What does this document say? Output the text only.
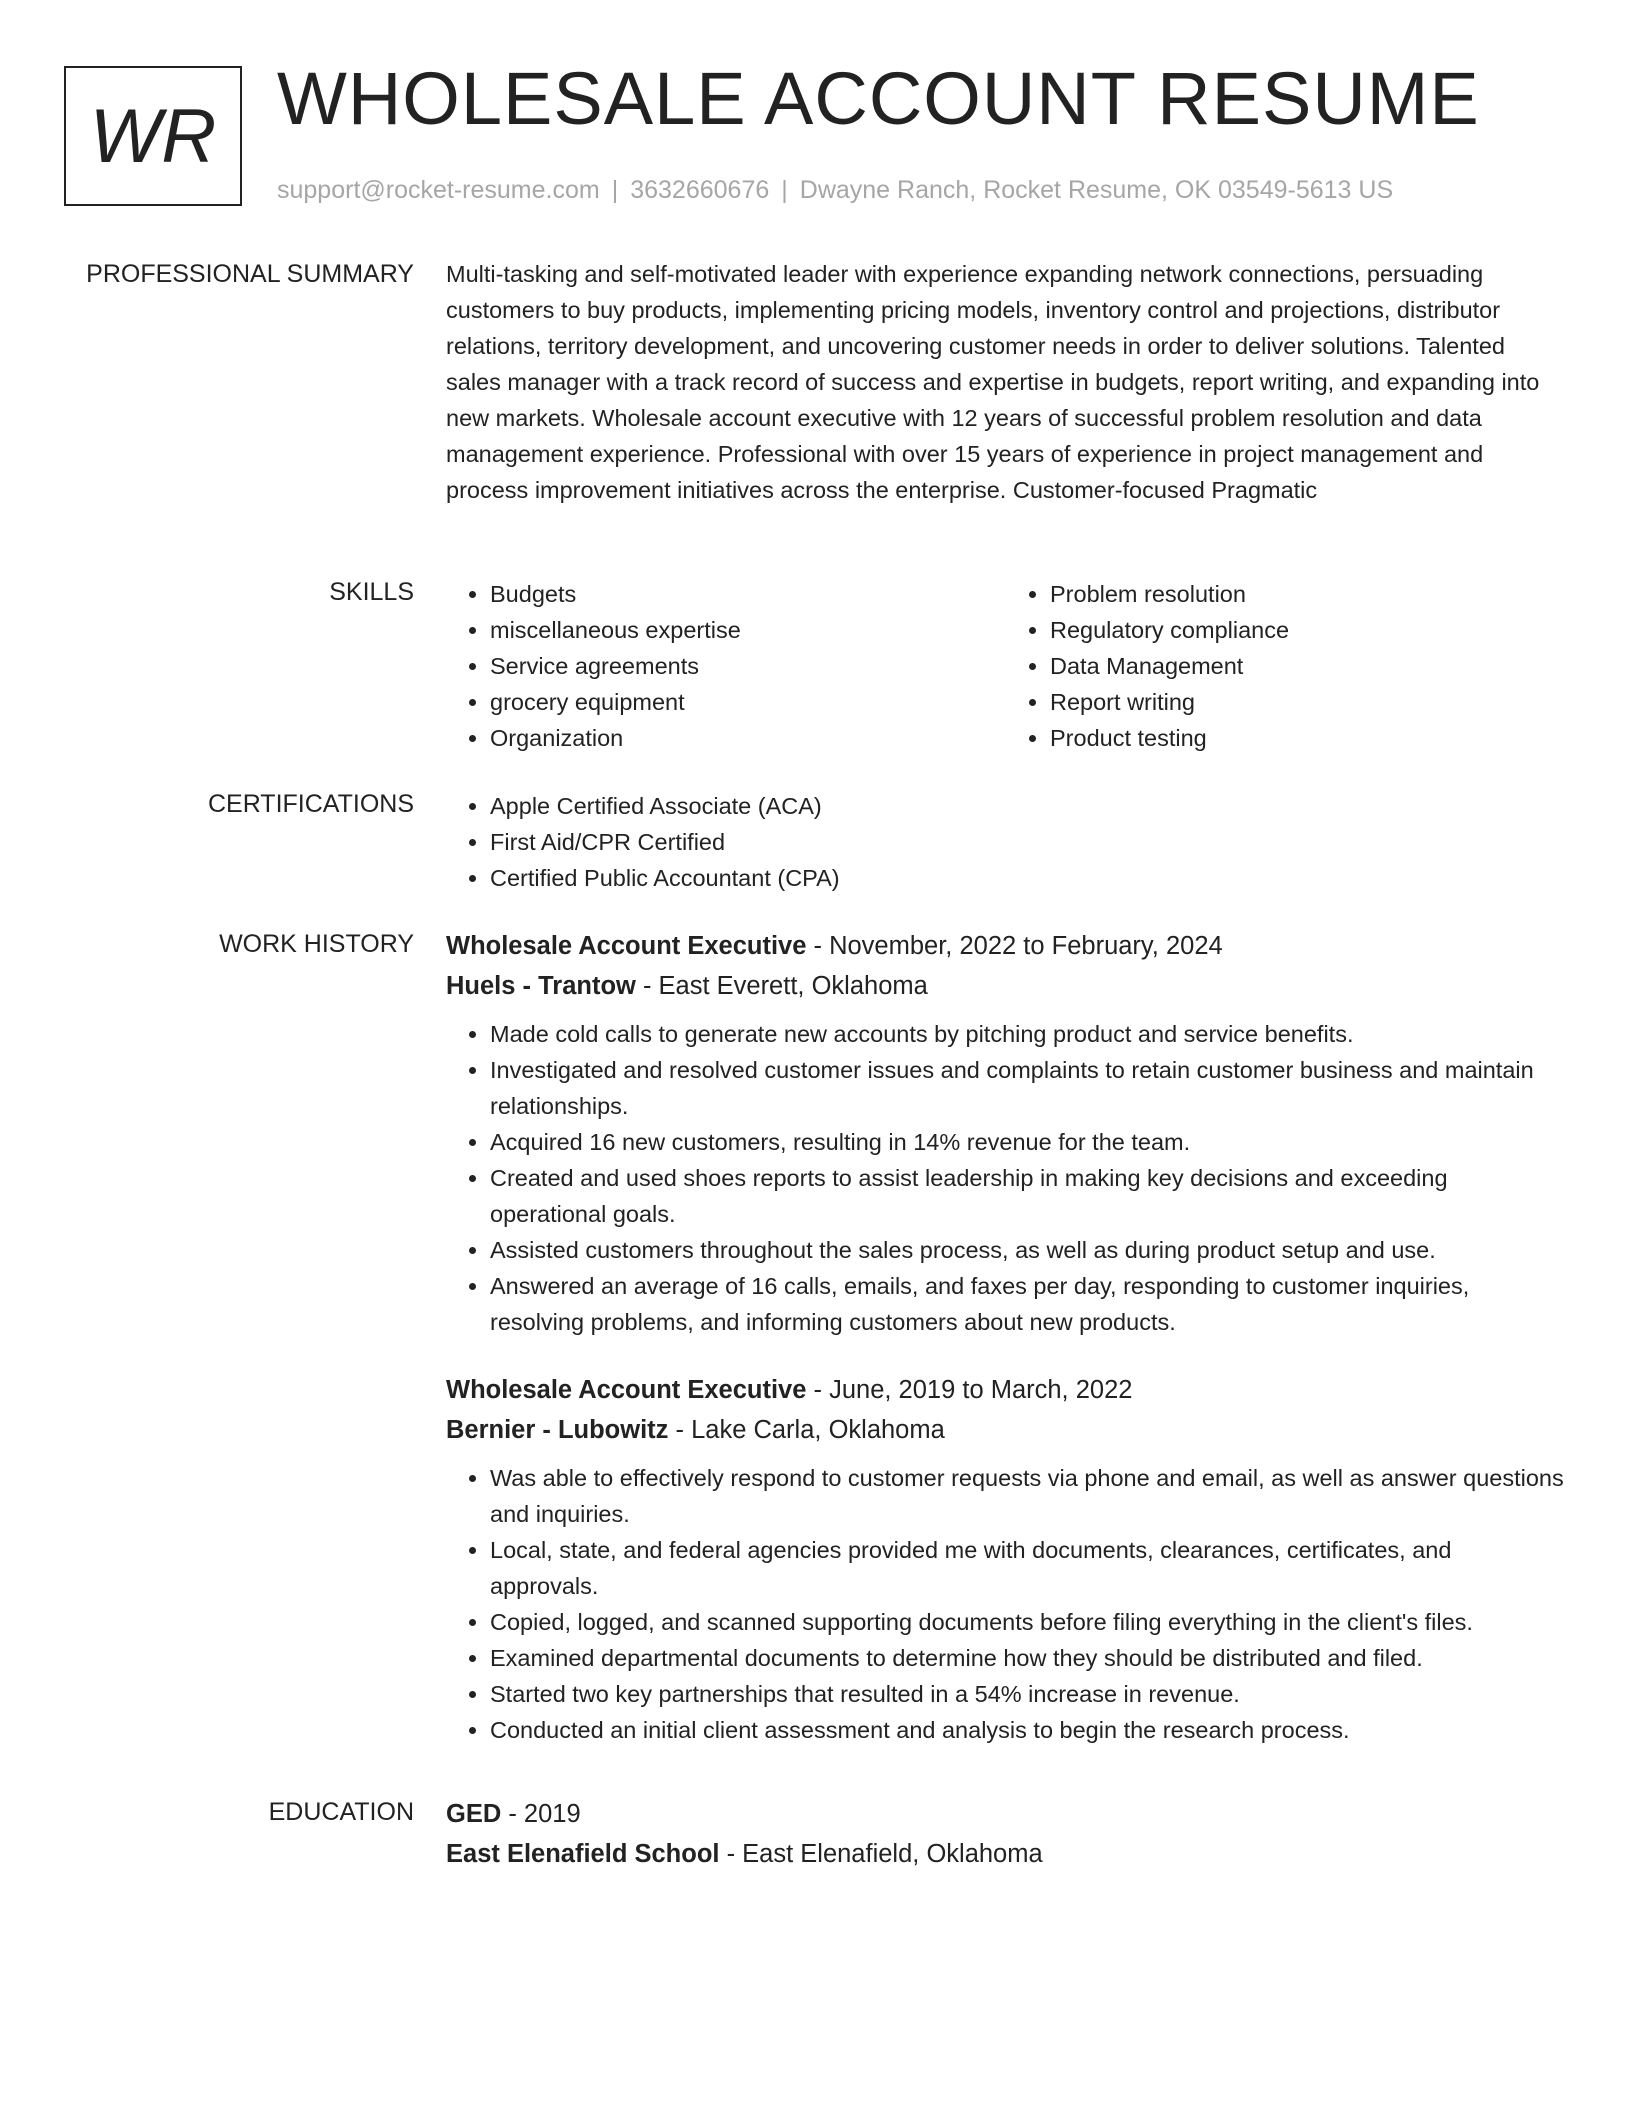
WR WHOLESALE ACCOUNT RESUME
support@rocket-resume.com | 3632660676 | Dwayne Ranch, Rocket Resume, OK 03549-5613 US
PROFESSIONAL SUMMARY Multi-tasking and self-motivated leader with experience expanding network connections, persuading customers to buy products, implementing pricing models, inventory control and projections, distributor relations, territory development, and uncovering customer needs in order to deliver solutions. Talented sales manager with a track record of success and expertise in budgets, report writing, and expanding into new markets. Wholesale account executive with 12 years of successful problem resolution and data management experience. Professional with over 15 years of experience in project management and process improvement initiatives across the enterprise. Customer-focused Pragmatic
SKILLS	• Budgets
• miscellaneous expertise
• Service agreements
• grocery equipment
• Organization
• Problem resolution
• Regulatory compliance
• Data Management
• Report writing
• Product testing
CERTIFICATIONS	• Apple Certified Associate (ACA)
• First Aid/CPR Certified
• Certified Public Accountant (CPA)
WORK HISTORY Wholesale Account Executive - November, 2022 to February, 2024
Huels - Trantow - East Everett, Oklahoma
• Made cold calls to generate new accounts by pitching product and service benefits.
• Investigated and resolved customer issues and complaints to retain customer business and maintain relationships.
• Acquired 16 new customers, resulting in 14% revenue for the team.
• Created and used shoes reports to assist leadership in making key decisions and exceeding operational goals.
• Assisted customers throughout the sales process, as well as during product setup and use.
• Answered an average of 16 calls, emails, and faxes per day, responding to customer inquiries, resolving problems, and informing customers about new products.
Wholesale Account Executive - June, 2019 to March, 2022
Bernier - Lubowitz - Lake Carla, Oklahoma
• Was able to effectively respond to customer requests via phone and email, as well as answer questions and inquiries.
• Local, state, and federal agencies provided me with documents, clearances, certificates, and approvals.
• Copied, logged, and scanned supporting documents before filing everything in the client's files.
• Examined departmental documents to determine how they should be distributed and filed.
• Started two key partnerships that resulted in a 54% increase in revenue.
• Conducted an initial client assessment and analysis to begin the research process.
EDUCATION GED - 2019
East Elenafield School - East Elenafield, Oklahoma
